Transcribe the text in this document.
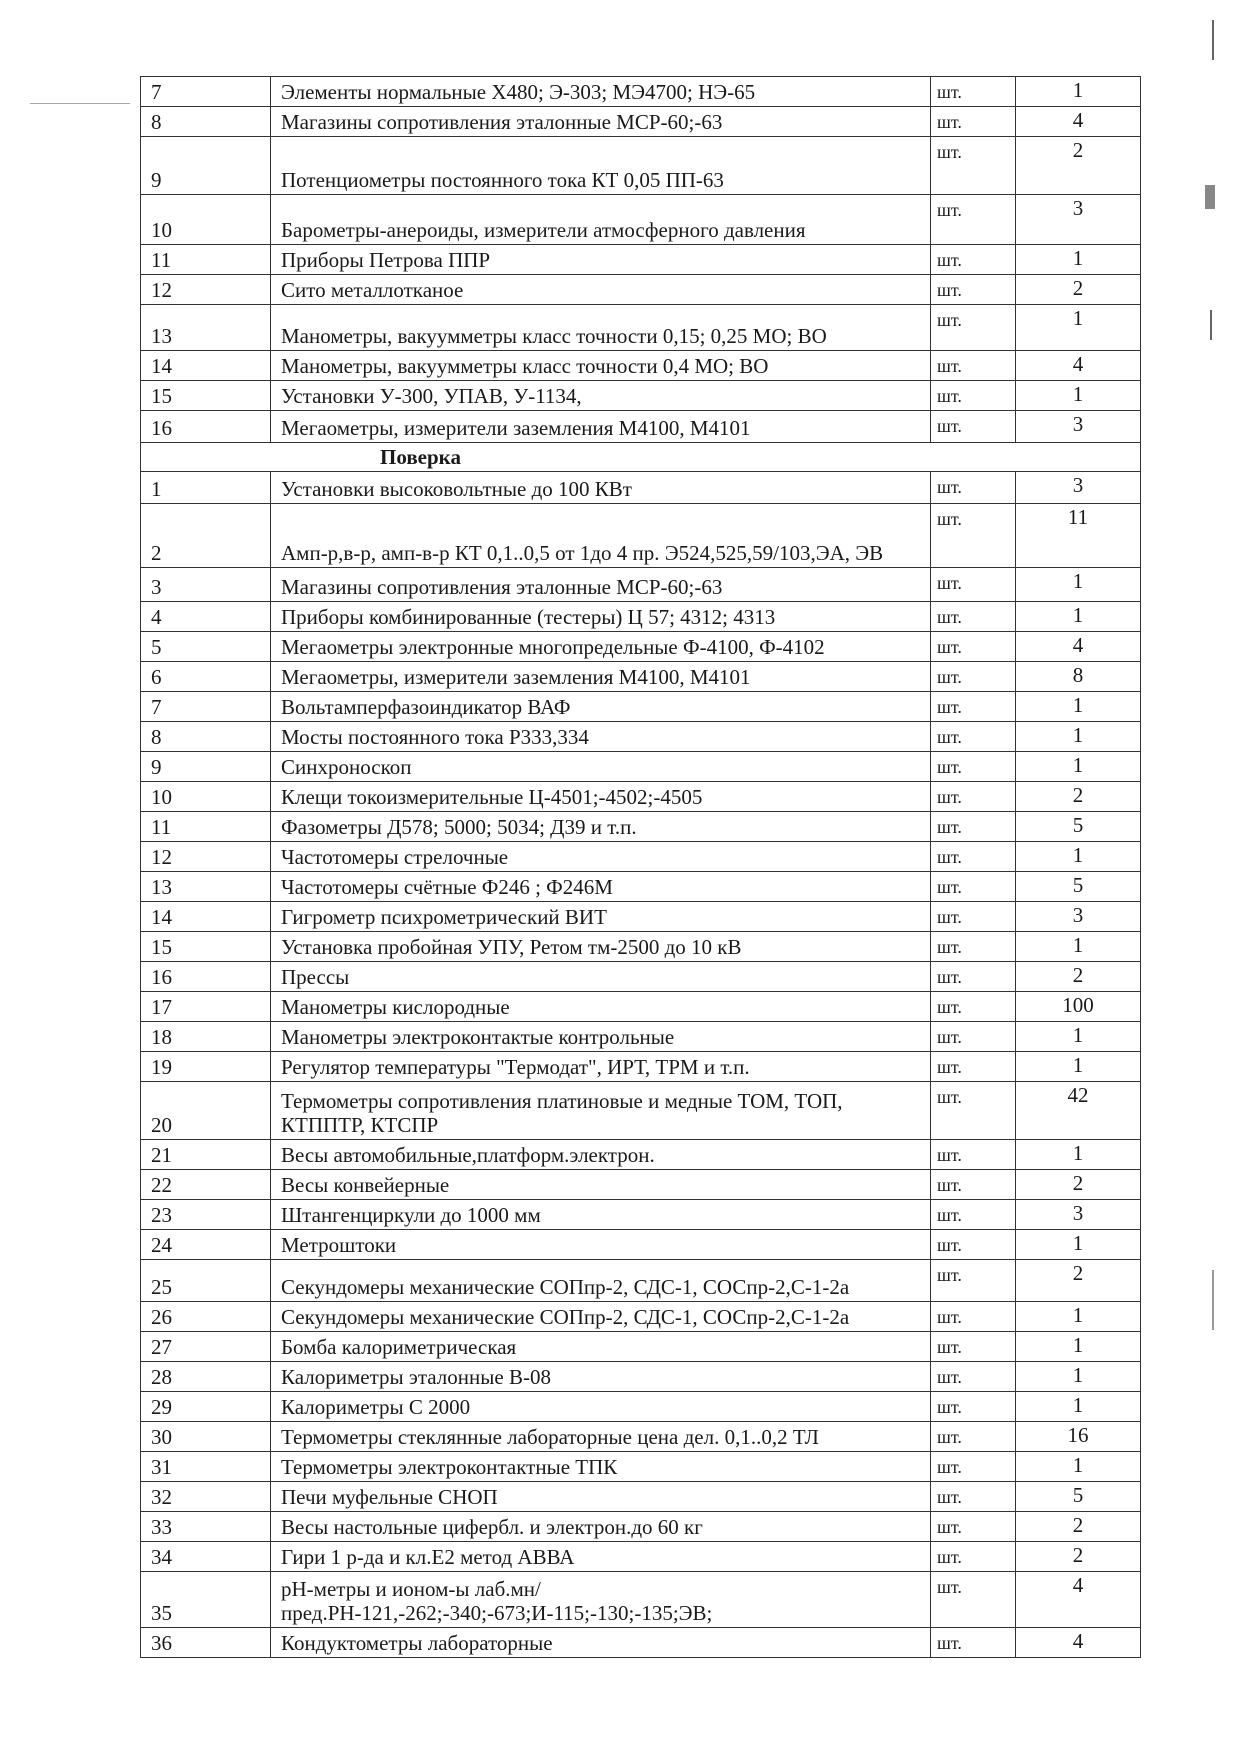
7	Элементы нормальные Х480; Э-303; МЭ4700; НЭ-65	шт.	1
8	Магазины сопротивления эталонные МСР-60;-63	шт.	4
9	Потенциометры постоянного тока КТ 0,05 ПП-63	шт.	2
10	Барометры-анероиды, измерители атмосферного давления	шт.	3
11	Приборы Петрова ППР	шт.	1
12	Сито металлотканое	шт.	2
13	Манометры, вакуумметры класс точности 0,15; 0,25 МО; ВО	шт.	1
14	Манометры, вакуумметры класс точности 0,4 МО; ВО	шт.	4
15	Установки У-300, УПАВ, У-1134,	шт.	1
16	Мегаометры, измерители заземления М4100, М4101	шт.	3
Поверка			
1	Установки высоковольтные до 100 КВт	шт.	3
2	Амп-р,в-р, амп-в-р КТ 0,1..0,5 от 1до 4 пр. Э524,525,59/103,ЭА, ЭВ	шт.	11
3	Магазины сопротивления эталонные МСР-60;-63	шт.	1
4	Приборы комбинированные (тестеры) Ц 57; 4312; 4313	шт.	1
5	Мегаометры электронные многопредельные Ф-4100, Ф-4102	шт.	4
6	Мегаометры, измерители заземления М4100, М4101	шт.	8
7	Вольтамперфазоиндикатор ВАФ	шт.	1
8	Мосты постоянного тока Р333,334	шт.	1
9	Синхроноскоп	шт.	1
10	Клещи токоизмерительные Ц-4501;-4502;-4505	шт.	2
11	Фазометры Д578; 5000; 5034; Д39 и т.п.	шт.	5
12	Частотомеры стрелочные	шт.	1
13	Частотомеры счётные Ф246 ; Ф246М	шт.	5
14	Гигрометр психрометрический ВИТ	шт.	3
15	Установка пробойная УПУ, Ретом тм-2500 до 10 кВ	шт.	1
16	Прессы	шт.	2
17	Манометры кислородные	шт.	100
18	Манометры электроконтактые контрольные	шт.	1
19	Регулятор температуры "Термодат", ИРТ, ТРМ и т.п.	шт.	1
20	Термометры сопротивления платиновые и медные ТОМ, ТОП, КТППТР, КТСПР	шт.	42
21	Весы автомобильные,платформ.электрон.	шт.	1
22	Весы конвейерные	шт.	2
23	Штангенциркули до 1000 мм	шт.	3
24	Метроштоки	шт.	1
25	Секундомеры механические СОПпр-2, СДС-1, СОСпр-2,С-1-2а	шт.	2
26	Секундомеры механические СОПпр-2, СДС-1, СОСпр-2,С-1-2а	шт.	1
27	Бомба калориметрическая	шт.	1
28	Калориметры эталонные В-08	шт.	1
29	Калориметры С 2000	шт.	1
30	Термометры стеклянные лабораторные цена дел. 0,1..0,2 ТЛ	шт.	16
31	Термометры электроконтактные ТПК	шт.	1
32	Печи муфельные СНОП	шт.	5
33	Весы настольные цифербл. и электрон.до 60 кг	шт.	2
34	Гири 1 р-да и кл.Е2 метод АВВА	шт.	2
35	pH-метры и ионом-ы лаб.мн/пред.РН-121,-262;-340;-673;И-115;-130;-135;ЭВ;	шт.	4
36	Кондуктометры лабораторные	шт.	4
